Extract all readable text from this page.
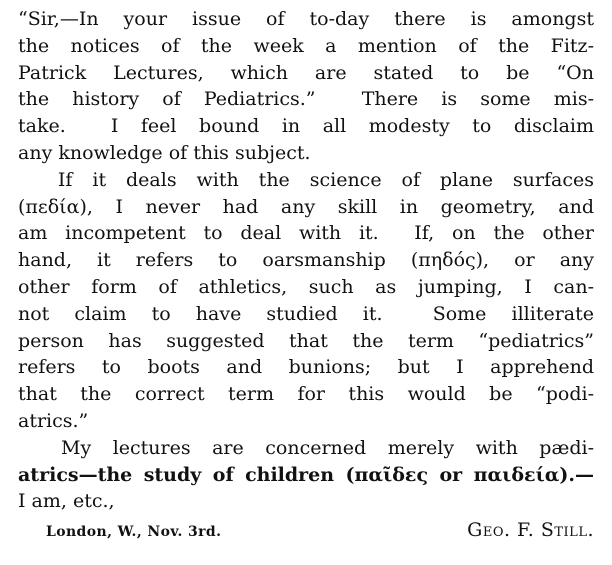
“Sir,—In your issue of to-day there is amongst
the notices of the week a mention of the Fitz-
Patrick Lectures, which are stated to be “On
the history of Pediatrics.”  There is some mis-
take.  I feel bound in all modesty to disclaim
any knowledge of this subject.
If it deals with the science of plane surfaces
(πεδία), I never had any skill in geometry, and
am incompetent to deal with it.  If, on the other
hand, it refers to oarsmanship (πηδός), or any
other form of athletics, such as jumping, I can-
not claim to have studied it.  Some illiterate
person has suggested that the term “pediatrics”
refers to boots and bunions; but I apprehend
that the correct term for this would be “podi-
atrics.”
My lectures are concerned merely with pædi-
atrics—the study of children (παῖδες or παιδεία).—
I am, etc.,
London, W., Nov. 3rd.	Geo. F. Still.
